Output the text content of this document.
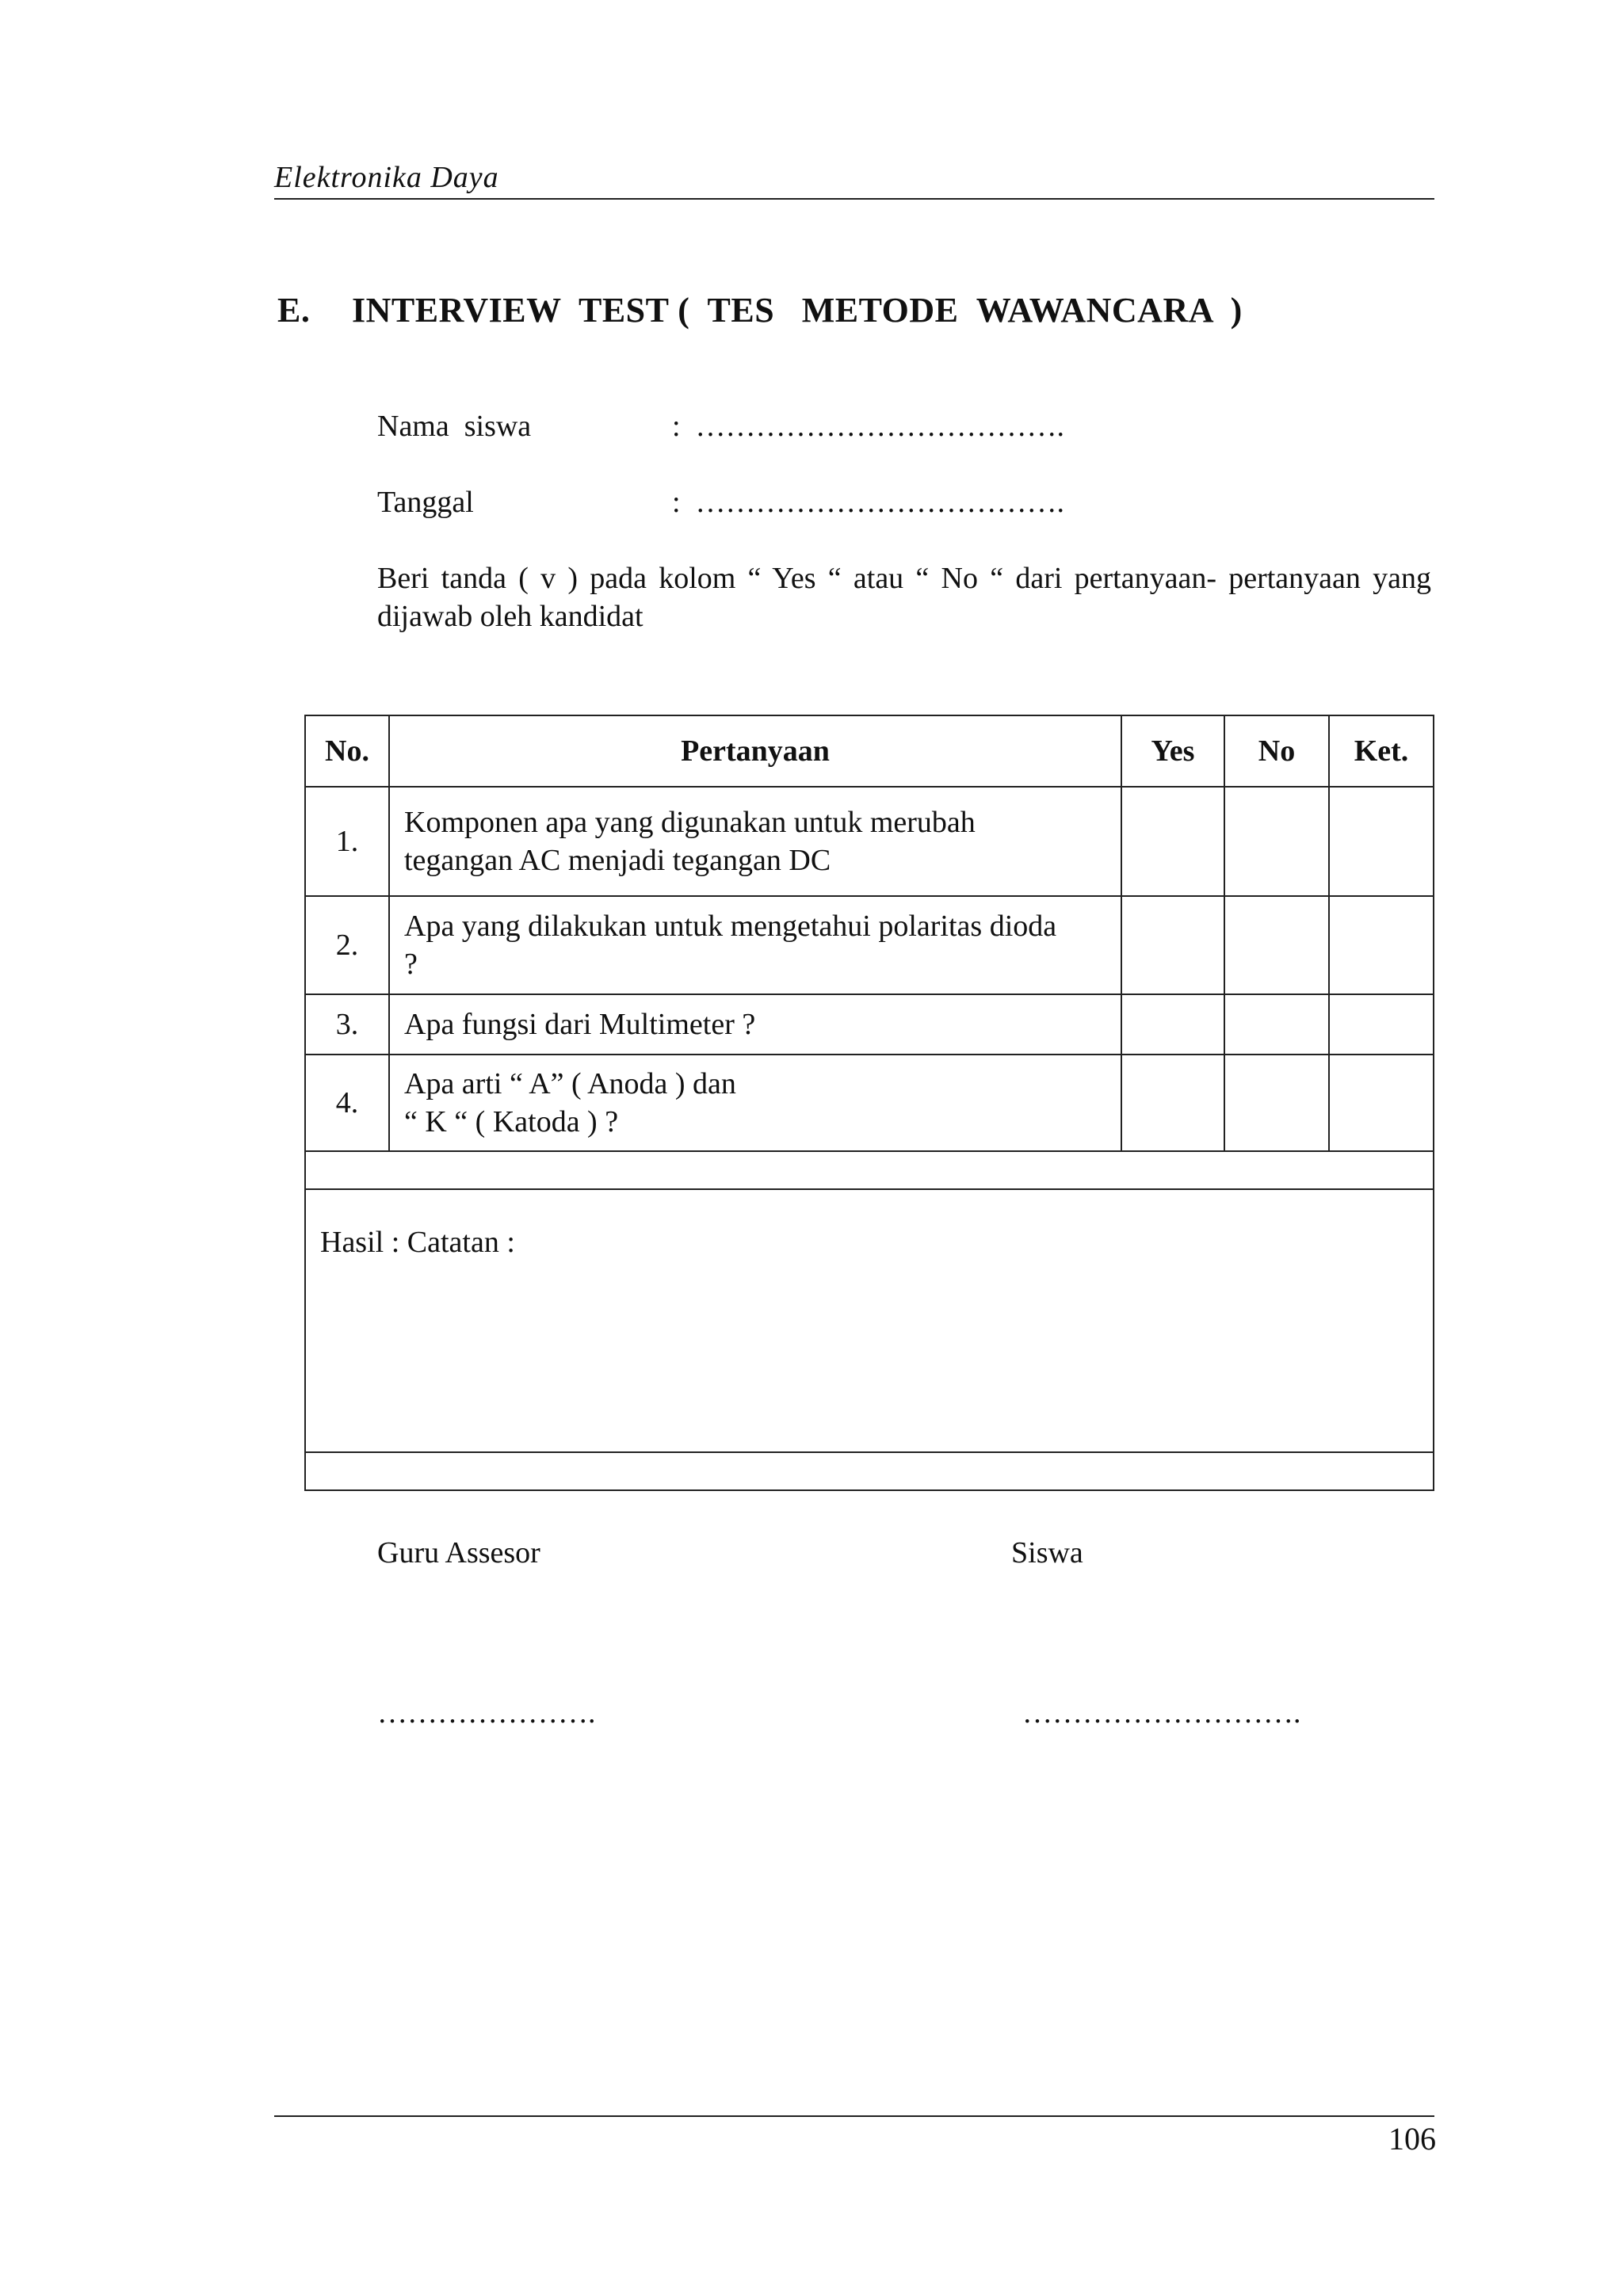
Elektronika Daya
E. INTERVIEW  TEST (  TES   METODE  WAWANCARA  )
Nama  siswa	:  ……………………………….
Tanggal	:  ……………………………….
Beri tanda ( v ) pada kolom “ Yes “ atau “ No “ dari pertanyaan- pertanyaan yang dijawab oleh kandidat
No.	Pertanyaan	Yes	No	Ket.
1.	Komponen apa yang digunakan untuk merubah
tegangan AC menjadi tegangan DC			
2.	Apa yang dilakukan untuk mengetahui polaritas dioda
?			
3.	Apa fungsi dari Multimeter ?			
4.	Apa arti “ A” ( Anoda ) dan
“ K “ ( Katoda ) ?			

Hasil : Catatan :				

Guru Assesor	Siswa
………………….	……………………….
106
